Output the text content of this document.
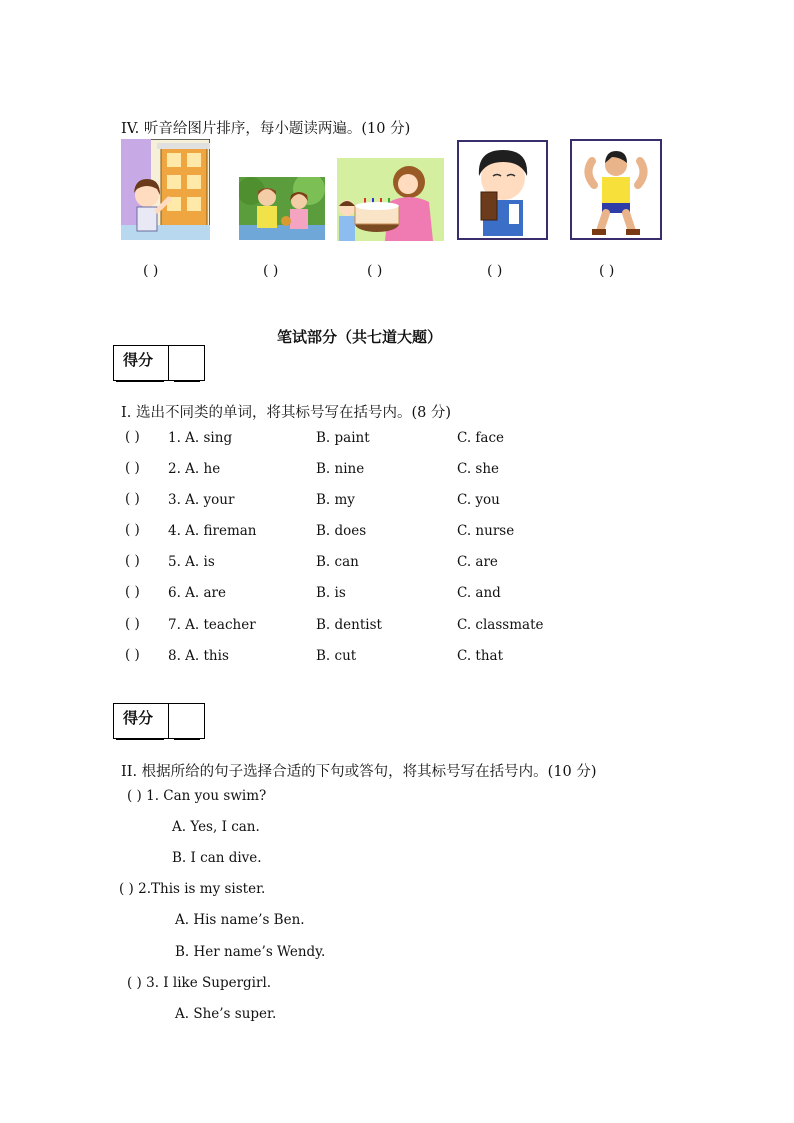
IV. 听音给图片排序，每小题读两遍。(10 分)
( )	( )	( )	( )	( )
笔试部分（共七道大题）
得分
I. 选出不同类的单词，将其标号写在括号内。(8 分)
( ) 1. A. sing	B. paint	C. face
( ) 2. A. he	B. nine	C. she
( ) 3. A. your	B. my	C. you
( ) 4. A. fireman	B. does	C. nurse
( ) 5. A. is	B. can	C. are
( ) 6. A. are	B. is	C. and
( ) 7. A. teacher	B. dentist	C. classmate
( ) 8. A. this	B. cut	C. that
得分
II. 根据所给的句子选择合适的下句或答句，将其标号写在括号内。(10 分)
( ) 1. Can you swim?
A. Yes, I can.
B. I can dive.
( ) 2.This is my sister.
A. His name’s Ben.
B. Her name’s Wendy.
( ) 3. I like Supergirl.
A. She’s super.
